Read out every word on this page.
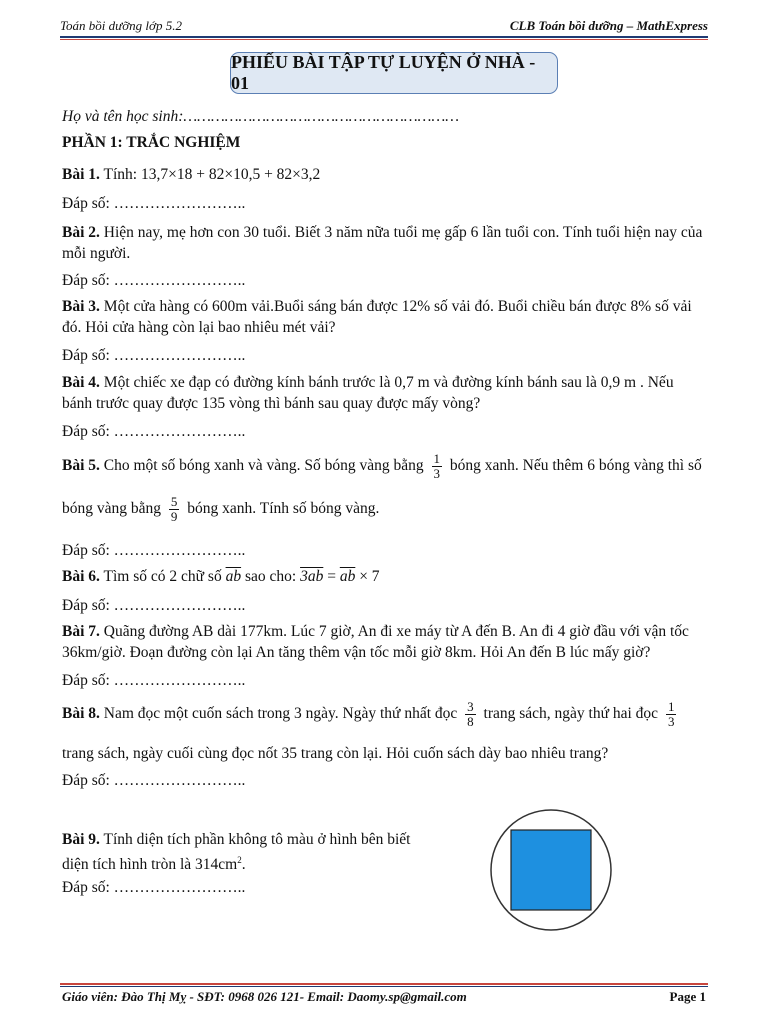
Toán bồi dưỡng lớp 5.2	CLB Toán bồi dưỡng – MathExpress
PHIẾU BÀI TẬP TỰ LUYỆN Ở NHÀ - 01
Họ và tên học sinh:……………………………………………………
PHẦN 1: TRẮC NGHIỆM
Bài 1. Tính: 13,7×18 + 82×10,5 + 82×3,2
Đáp số: ……………………..
Bài 2. Hiện nay, mẹ hơn con 30 tuổi. Biết 3 năm nữa tuổi mẹ gấp 6 lần tuổi con. Tính tuổi hiện nay của mỗi người.
Đáp số: ……………………..
Bài 3. Một cửa hàng có 600m vải.Buổi sáng bán được 12% số vải đó. Buổi chiều bán được 8% số vải đó. Hỏi cửa hàng còn lại bao nhiêu mét vải?
Đáp số: ……………………..
Bài 4. Một chiếc xe đạp có đường kính bánh trước là 0,7 m và đường kính bánh sau là 0,9 m . Nếu bánh trước quay được 135 vòng thì bánh sau quay được mấy vòng?
Đáp số: ……………………..
Bài 5. Cho một số bóng xanh và vàng. Số bóng vàng bằng $\frac{1}{3}$ bóng xanh. Nếu thêm 6 bóng vàng thì số
bóng vàng bằng $\frac{5}{9}$ bóng xanh. Tính số bóng vàng.
Đáp số: ……………………..
Bài 6. Tìm số có 2 chữ số $\overline{ab}$ sao cho: $3ab = \overline{ab} \times 7$
Đáp số: ……………………..
Bài 7. Quãng đường AB dài 177km. Lúc 7 giờ, An đi xe máy từ A đến B. An đi 4 giờ đầu với vận tốc 36km/giờ. Đoạn đường còn lại An tăng thêm vận tốc mỗi giờ 8km. Hỏi An đến B lúc mấy giờ?
Đáp số: ……………………..
Bài 8. Nam đọc một cuốn sách trong 3 ngày. Ngày thứ nhất đọc $\frac{3}{8}$ trang sách, ngày thứ hai đọc $\frac{1}{3}$
trang sách, ngày cuối cùng đọc nốt 35 trang còn lại. Hỏi cuốn sách dày bao nhiêu trang?
Đáp số: ……………………..
Bài 9. Tính diện tích phần không tô màu ở hình bên biết
diện tích hình tròn là $314cm^2$.
Đáp số: ……………………..
Giáo viên: Đào Thị Mỵ - SĐT: 0968 026 121- Email: Daomy.sp@gmail.com	Page 1
